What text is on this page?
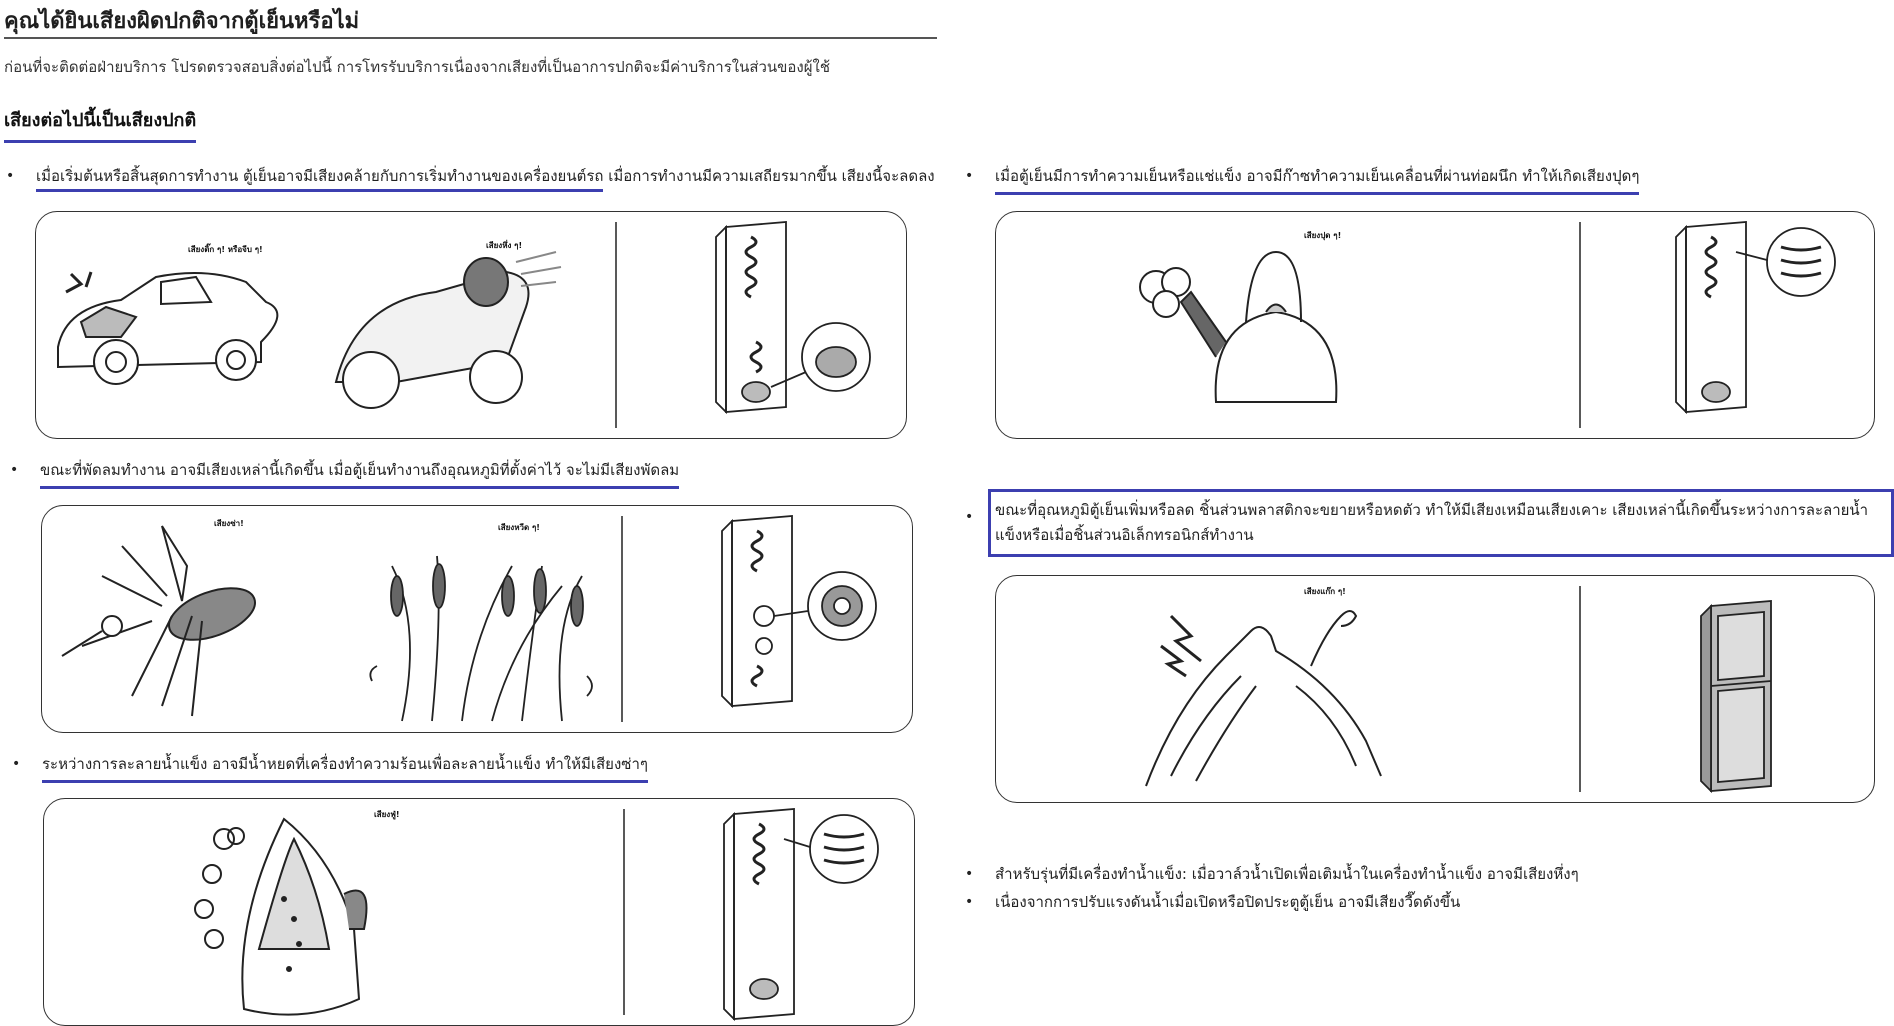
คุณได้ยินเสียงผิดปกติจากตู้เย็นหรือไม่
ก่อนที่จะติดต่อฝ่ายบริการ โปรดตรวจสอบสิ่งต่อไปนี้ การโทรรับบริการเนื่องจากเสียงที่เป็นอาการปกติจะมีค่าบริการในส่วนของผู้ใช้
เสียงต่อไปนี้เป็นเสียงปกติ
• เมื่อเริ่มต้นหรือสิ้นสุดการทำงาน ตู้เย็นอาจมีเสียงคล้ายกับการเริ่มทำงานของเครื่องยนต์รถ เมื่อการทำงานมีความเสถียรมากขึ้น เสียงนี้จะลดลง
เสียงติ๊ก ๆ! หรือจีบ ๆ!	เสียงหึ่ง ๆ!
• ขณะที่พัดลมทำงาน อาจมีเสียงเหล่านี้เกิดขึ้น เมื่อตู้เย็นทำงานถึงอุณหภูมิที่ตั้งค่าไว้ จะไม่มีเสียงพัดลม
เสียงซ่า!	เสียงหวีด ๆ!
• ระหว่างการละลายน้ำแข็ง อาจมีน้ำหยดที่เครื่องทำความร้อนเพื่อละลายน้ำแข็ง ทำให้มีเสียงซ่าๆ
เสียงฟู่!
• เมื่อตู้เย็นมีการทำความเย็นหรือแช่แข็ง อาจมีก๊าซทำความเย็นเคลื่อนที่ผ่านท่อผนึก ทำให้เกิดเสียงปุดๆ
เสียงปุด ๆ!
•	ขณะที่อุณหภูมิตู้เย็นเพิ่มหรือลด ชิ้นส่วนพลาสติกจะขยายหรือหดตัว ทำให้มีเสียงเหมือนเสียงเคาะ เสียงเหล่านี้เกิดขึ้นระหว่างการละลายน้ำแข็งหรือเมื่อชิ้นส่วนอิเล็กทรอนิกส์ทำงาน
เสียงแก๊ก ๆ!
• สำหรับรุ่นที่มีเครื่องทำน้ำแข็ง: เมื่อวาล์วน้ำเปิดเพื่อเติมน้ำในเครื่องทำน้ำแข็ง อาจมีเสียงหึ่งๆ
• เนื่องจากการปรับแรงดันน้ำเมื่อเปิดหรือปิดประตูตู้เย็น อาจมีเสียงวี๊ดดังขึ้น
